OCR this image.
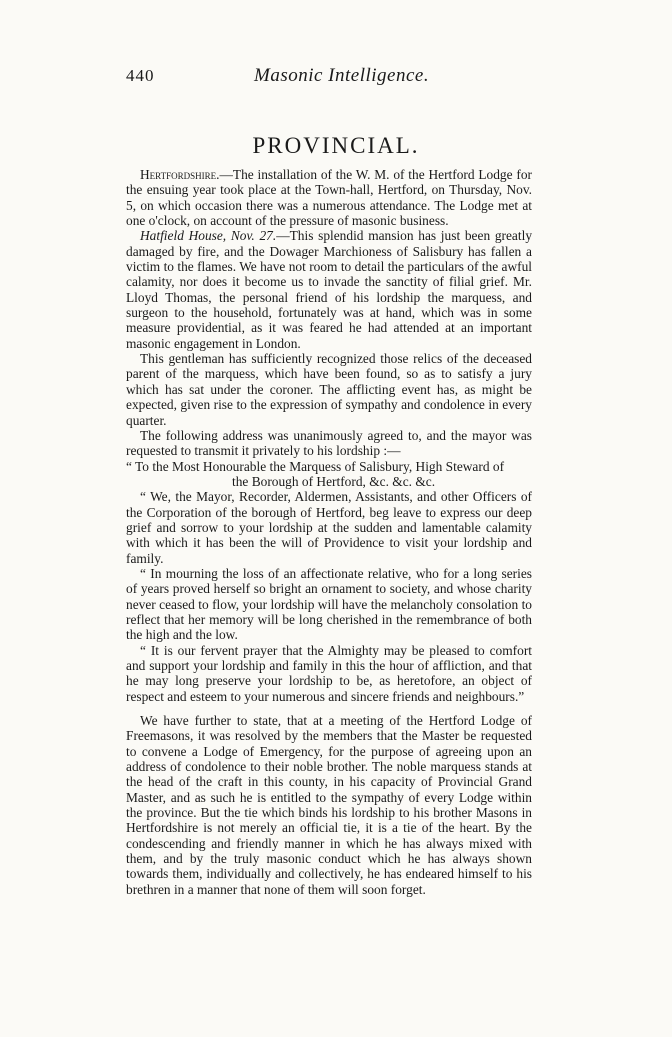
440	Masonic Intelligence.
PROVINCIAL.

Hertfordshire.—The installation of the W. M. of the Hertford Lodge for the ensuing year took place at the Town-hall, Hertford, on Thursday, Nov. 5, on which occasion there was a numerous attendance. The Lodge met at one o'clock, on account of the pressure of masonic business.

Hatfield House, Nov. 27.—This splendid mansion has just been greatly damaged by fire, and the Dowager Marchioness of Salisbury has fallen a victim to the flames. We have not room to detail the particulars of the awful calamity, nor does it become us to invade the sanctity of filial grief. Mr. Lloyd Thomas, the personal friend of his lordship the marquess, and surgeon to the household, fortunately was at hand, which was in some measure providential, as it was feared he had attended at an important masonic engagement in London.

This gentleman has sufficiently recognized those relics of the deceased parent of the marquess, which have been found, so as to satisfy a jury which has sat under the coroner. The afflicting event has, as might be expected, given rise to the expression of sympathy and condolence in every quarter.

The following address was unanimously agreed to, and the mayor was requested to transmit it privately to his lordship :—

“ To the Most Honourable the Marquess of Salisbury, High Steward of
the Borough of Hertford, &c. &c. &c.

“ We, the Mayor, Recorder, Aldermen, Assistants, and other Officers of the Corporation of the borough of Hertford, beg leave to express our deep grief and sorrow to your lordship at the sudden and lamentable calamity with which it has been the will of Providence to visit your lordship and family.

“ In mourning the loss of an affectionate relative, who for a long series of years proved herself so bright an ornament to society, and whose charity never ceased to flow, your lordship will have the melancholy consolation to reflect that her memory will be long cherished in the remembrance of both the high and the low.

“ It is our fervent prayer that the Almighty may be pleased to comfort and support your lordship and family in this the hour of affliction, and that he may long preserve your lordship to be, as heretofore, an object of respect and esteem to your numerous and sincere friends and neighbours.”

We have further to state, that at a meeting of the Hertford Lodge of Freemasons, it was resolved by the members that the Master be requested to convene a Lodge of Emergency, for the purpose of agreeing upon an address of condolence to their noble brother. The noble marquess stands at the head of the craft in this county, in his capacity of Provincial Grand Master, and as such he is entitled to the sympathy of every Lodge within the province. But the tie which binds his lordship to his brother Masons in Hertfordshire is not merely an official tie, it is a tie of the heart. By the condescending and friendly manner in which he has always mixed with them, and by the truly masonic conduct which he has always shown towards them, individually and collectively, he has endeared himself to his brethren in a manner that none of them will soon forget.
